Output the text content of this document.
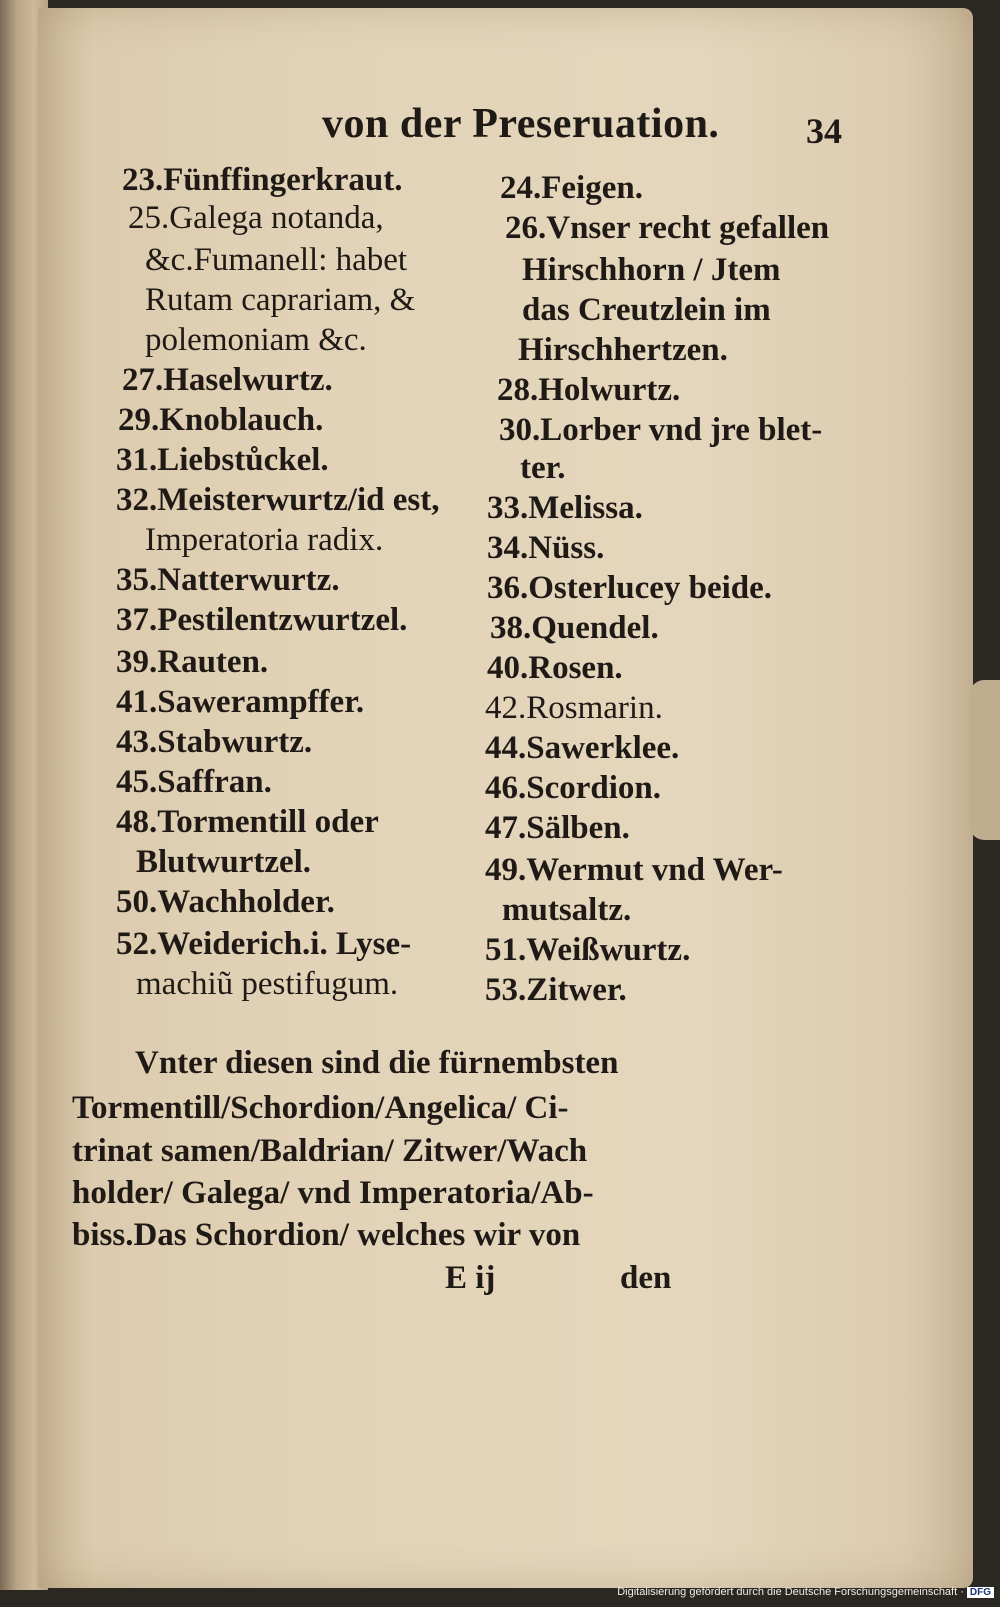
von der Preseruation. 34
23.Fünffingerkraut.
25.Galega notanda,
&c.Fumanell: habet
Rutam caprariam, &
polemoniam &c.
27.Haselwurtz.
29.Knoblauch.
31.Liebstůckel.
32.Meisterwurtz/id est,
Imperatoria radix.
35.Natterwurtz.
37.Pestilentzwurtzel.
39.Rauten.
41.Sawerampffer.
43.Stabwurtz.
45.Saffran.
48.Tormentill oder
Blutwurtzel.
50.Wachholder.
52.Weiderich.i. Lyse-
machiũ pestifugum.
24.Feigen.
26.Vnser recht gefallen
Hirschhorn / Jtem
das Creutzlein im
Hirschhertzen.
28.Holwurtz.
30.Lorber vnd jre blet-
ter.
33.Melissa.
34.Nüss.
36.Osterlucey beide.
38.Quendel.
40.Rosen.
42.Rosmarin.
44.Sawerklee.
46.Scordion.
47.Sälben.
49.Wermut vnd Wer-
mutsaltz.
51.Weißwurtz.
53.Zitwer.
Vnter diesen sind die fürnembsten
Tormentill/Schordion/Angelica/ Ci-
trinat samen/Baldrian/ Zitwer/Wach
holder/ Galega/ vnd Imperatoria/Ab-
biss.Das Schordion/ welches wir von
E ij	den
Digitalisierung gefördert durch die Deutsche Forschungsgemeinschaft · DFG
